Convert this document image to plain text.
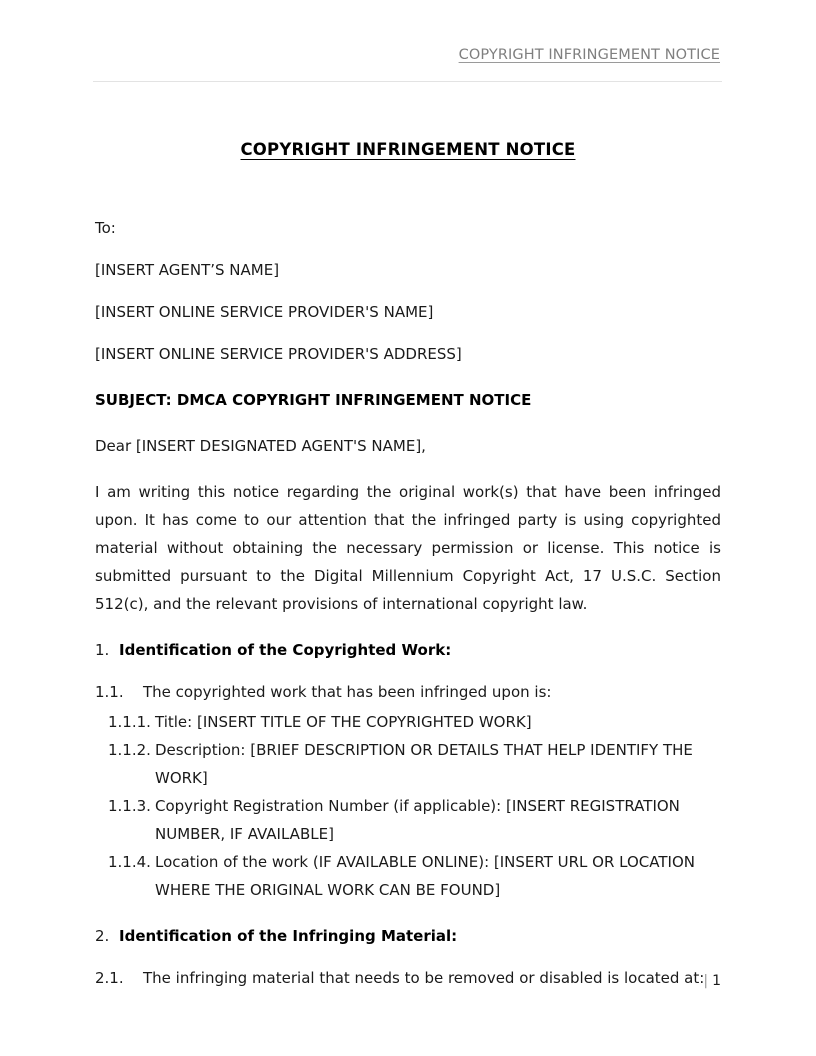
COPYRIGHT INFRINGEMENT NOTICE
COPYRIGHT INFRINGEMENT NOTICE

To:

[INSERT AGENT’S NAME]

[INSERT ONLINE SERVICE PROVIDER'S NAME]

[INSERT ONLINE SERVICE PROVIDER'S ADDRESS]

SUBJECT: DMCA COPYRIGHT INFRINGEMENT NOTICE

Dear [INSERT DESIGNATED AGENT'S NAME],

I am writing this notice regarding the original work(s) that have been infringed upon. It has come to our attention that the infringed party is using copyrighted material without obtaining the necessary permission or license. This notice is submitted pursuant to the Digital Millennium Copyright Act, 17 U.S.C. Section 512(c), and the relevant provisions of international copyright law.

1. Identification of the Copyrighted Work:
1.1.	The copyrighted work that has been infringed upon is:
1.1.1. Title: [INSERT TITLE OF THE COPYRIGHTED WORK]
1.1.2. Description: [BRIEF DESCRIPTION OR DETAILS THAT HELP IDENTIFY THE WORK]
1.1.3. Copyright Registration Number (if applicable): [INSERT REGISTRATION NUMBER, IF AVAILABLE]
1.1.4. Location of the work (IF AVAILABLE ONLINE): [INSERT URL OR LOCATION WHERE THE ORIGINAL WORK CAN BE FOUND]
2. Identification of the Infringing Material:
2.1.	The infringing material that needs to be removed or disabled is located at: | 1
